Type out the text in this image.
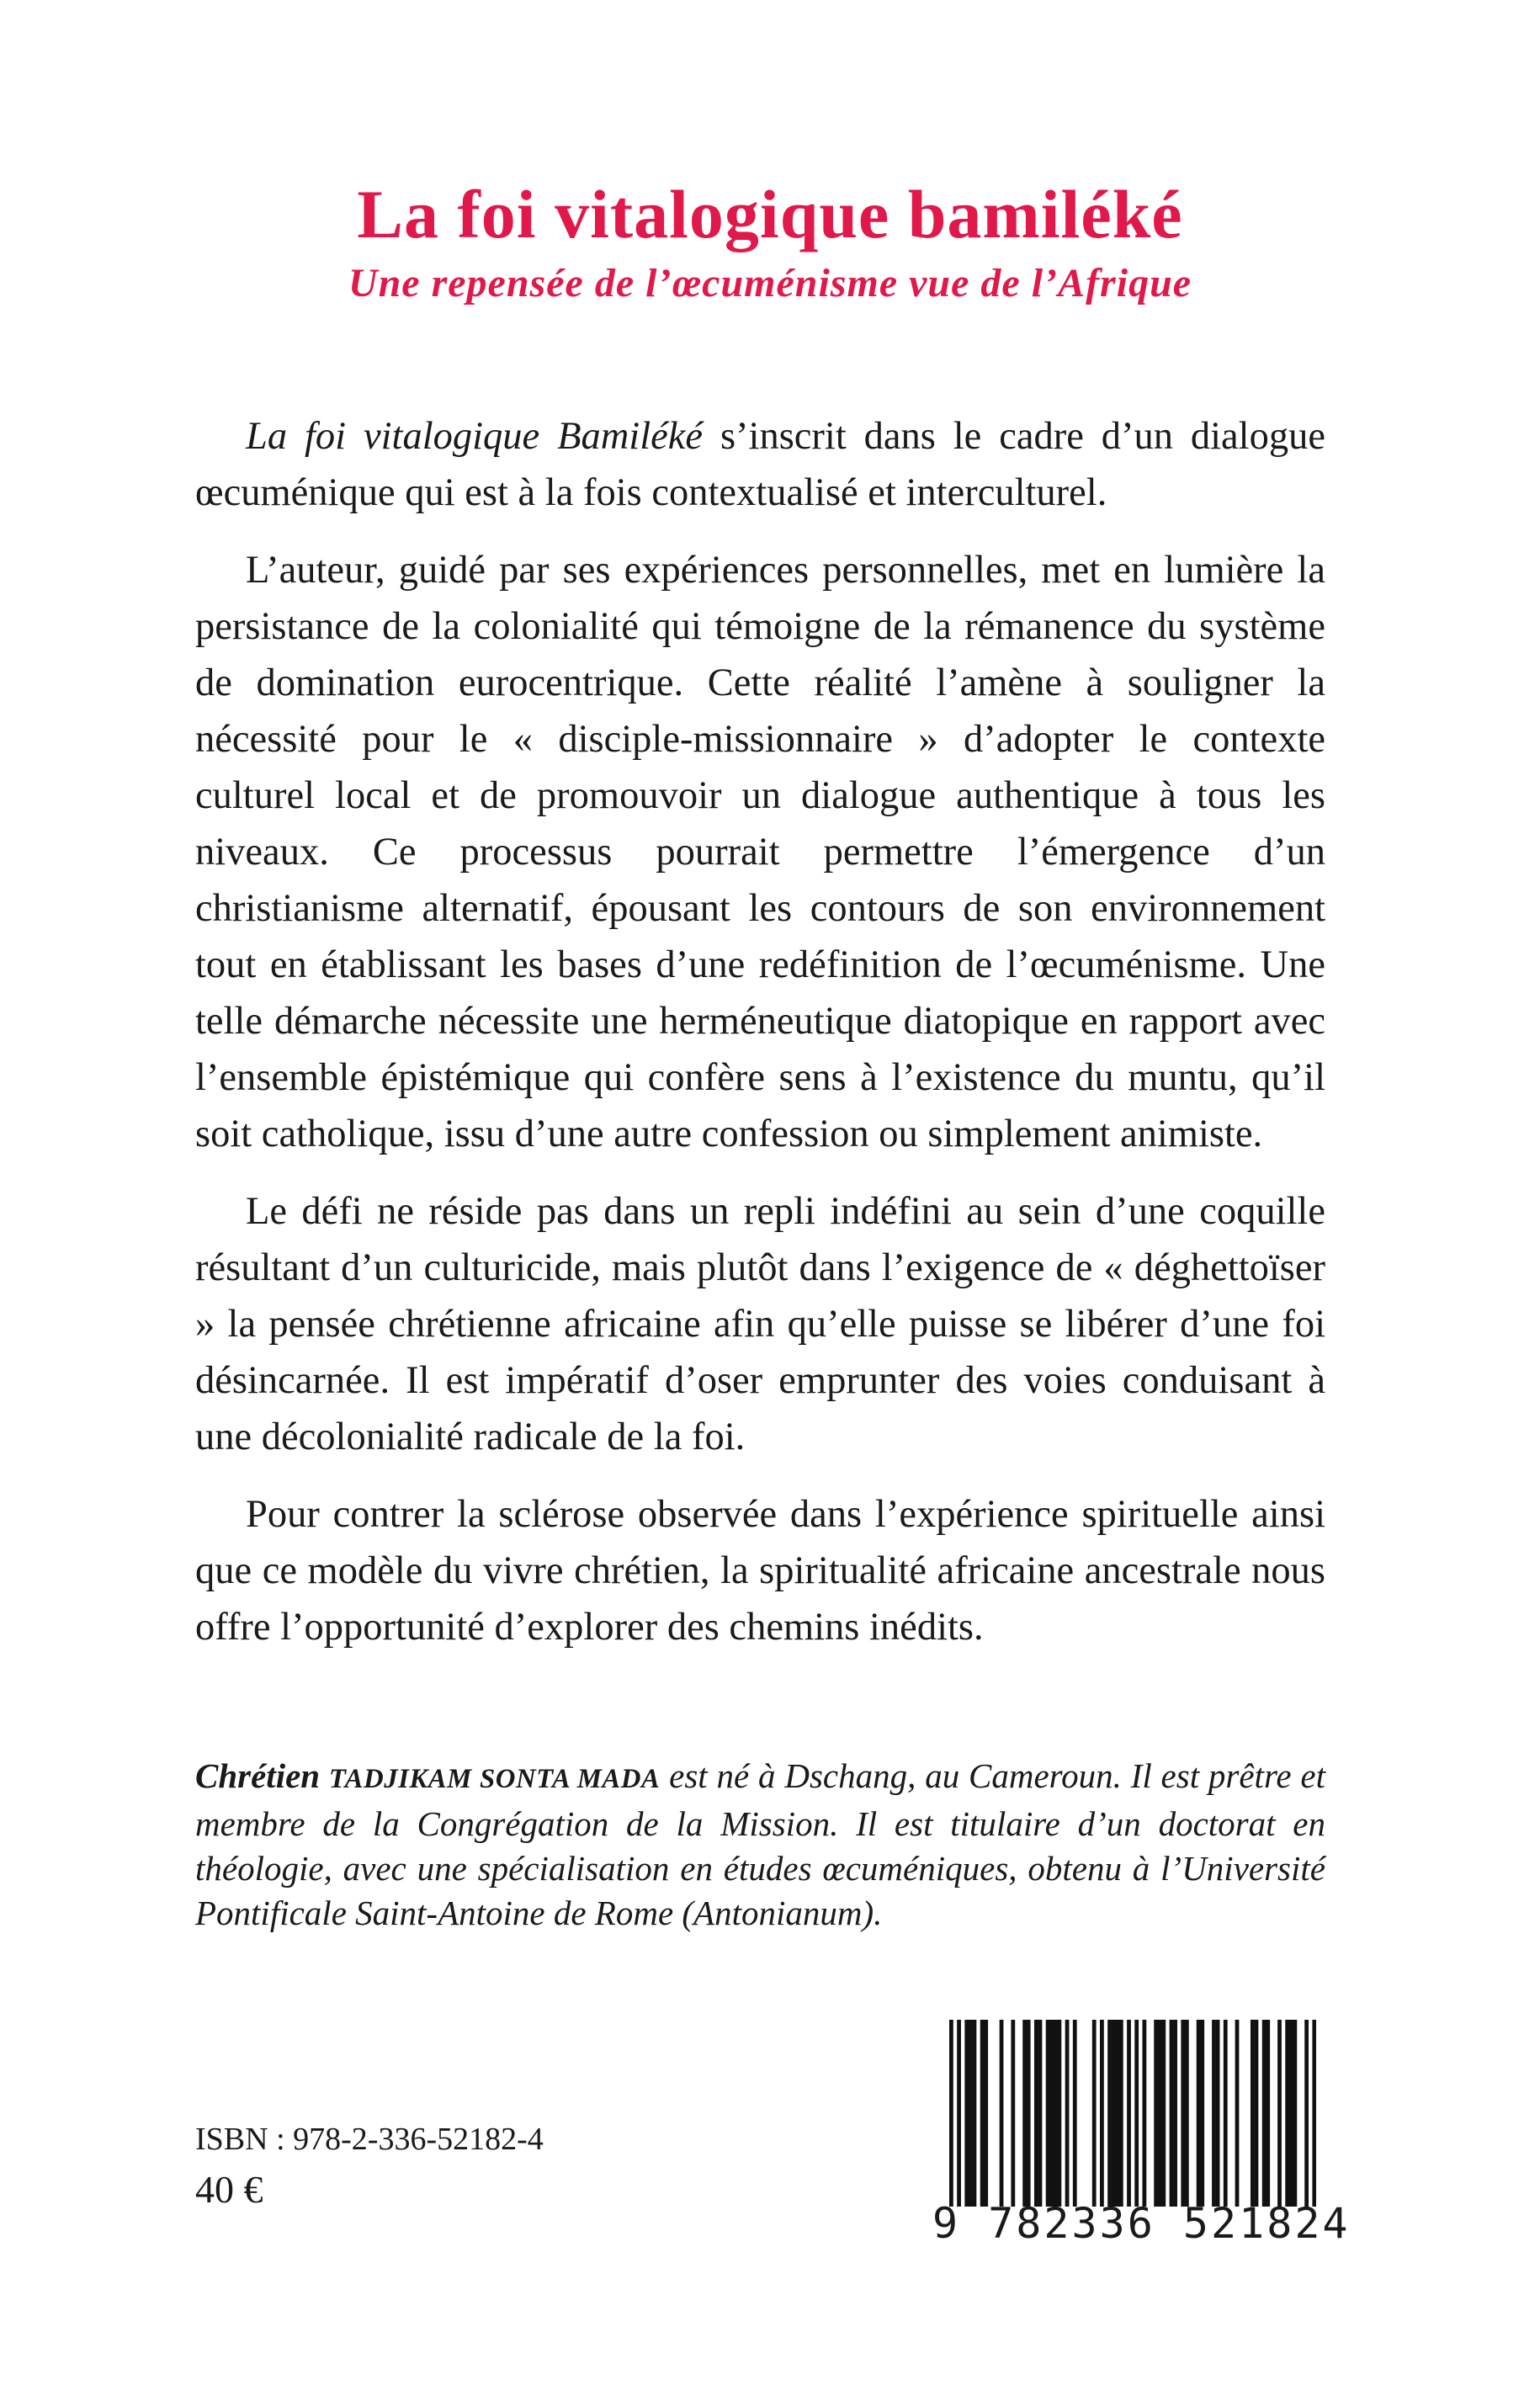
La foi vitalogique bamiléké
Une repensée de l’œcuménisme vue de l’Afrique

La foi vitalogique Bamiléké s’inscrit dans le cadre d’un dialogue œcuménique qui est à la fois contextualisé et interculturel.

L’auteur, guidé par ses expériences personnelles, met en lumière la persistance de la colonialité qui témoigne de la rémanence du système de domination eurocentrique. Cette réalité l’amène à souligner la nécessité pour le « disciple-missionnaire » d’adopter le contexte culturel local et de promouvoir un dialogue authentique à tous les niveaux. Ce processus pourrait permettre l’émergence d’un christianisme alternatif, épousant les contours de son environnement tout en établissant les bases d’une redéfinition de l’œcuménisme. Une telle démarche nécessite une herméneutique diatopique en rapport avec l’ensemble épistémique qui confère sens à l’existence du muntu, qu’il soit catholique, issu d’une autre confession ou simplement animiste.

Le défi ne réside pas dans un repli indéfini au sein d’une coquille résultant d’un culturicide, mais plutôt dans l’exigence de « déghettoïser » la pensée chrétienne africaine afin qu’elle puisse se libérer d’une foi désincarnée. Il est impératif d’oser emprunter des voies conduisant à une décolonialité radicale de la foi.

Pour contrer la sclérose observée dans l’expérience spirituelle ainsi que ce modèle du vivre chrétien, la spiritualité africaine ancestrale nous offre l’opportunité d’explorer des chemins inédits.

Chrétien TADJIKAM SONTA MADA est né à Dschang, au Cameroun. Il est prêtre et membre de la Congrégation de la Mission. Il est titulaire d’un doctorat en théologie, avec une spécialisation en études œcuméniques, obtenu à l’Université Pontificale Saint-Antoine de Rome (Antonianum).
ISBN : 978-2-336-52182-4
40 €
9 782336 521824
